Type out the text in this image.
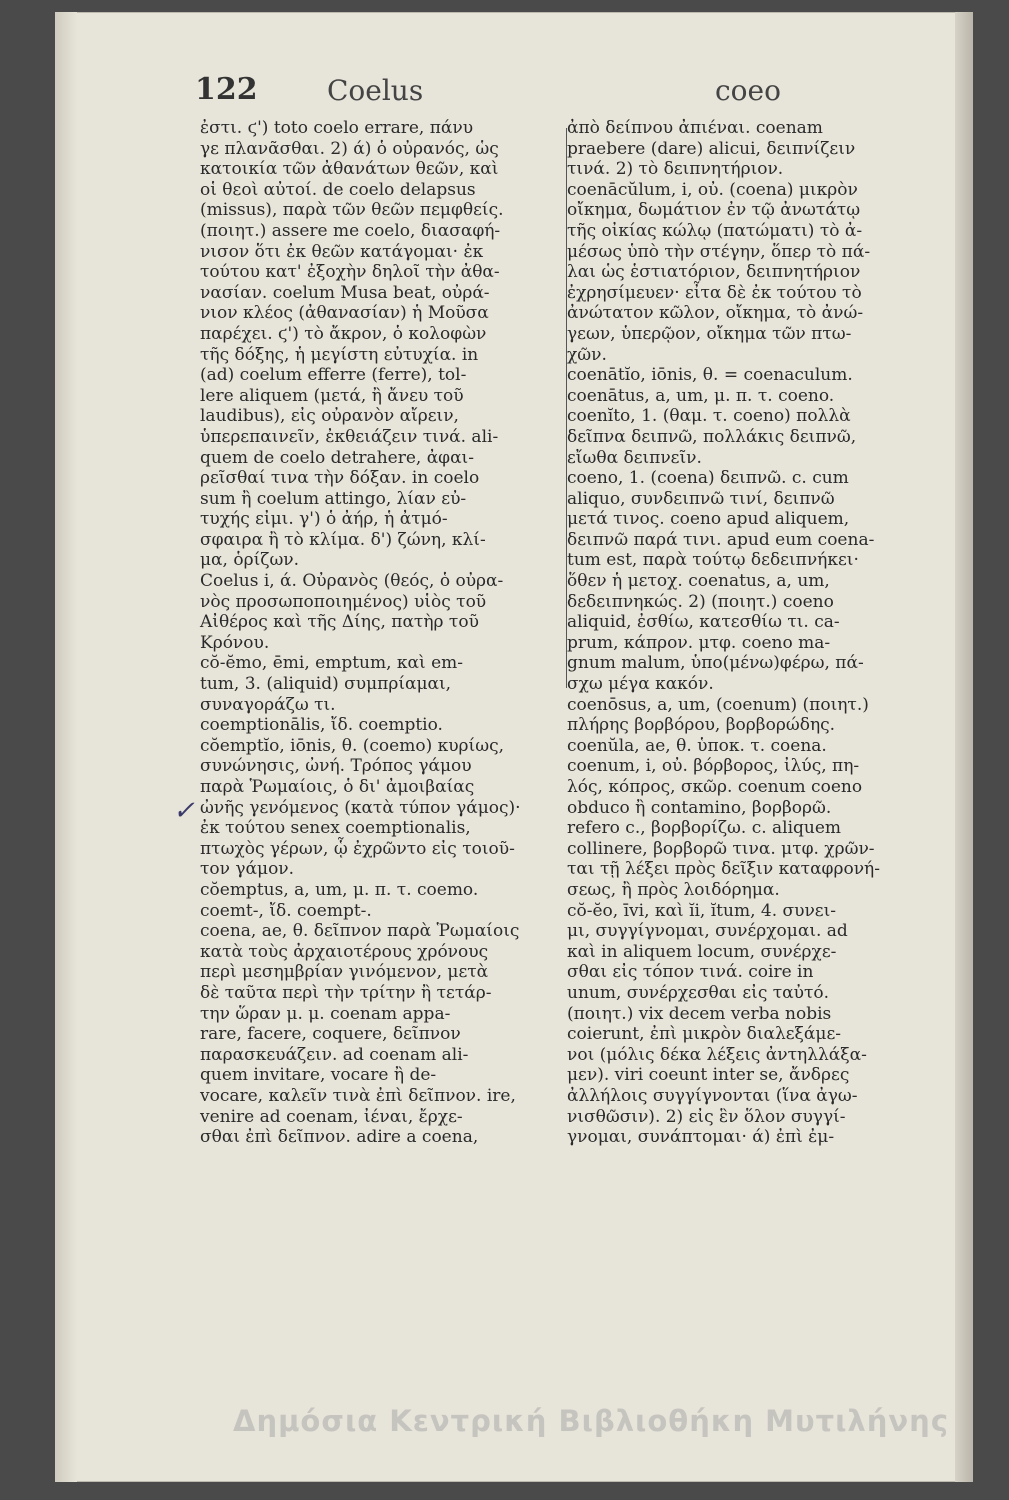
122 Coelus	coeo
ἐστι. ϛ') toto coelo errare, πάνυ
γε πλανᾶσθαι. 2) ά) ὁ οὐρανός, ὡς
κατοικία τῶν ἀθανάτων θεῶν, καὶ
οἱ θεοὶ αὐτοί. de coelo delapsus
(missus), παρὰ τῶν θεῶν πεμφθείς.
(ποιητ.) assere me coelo, διασαφή-
νισον ὅτι ἐκ θεῶν κατάγομαι· ἐκ
τούτου κατ' ἐξοχὴν δηλοῖ τὴν ἀθα-
νασίαν. coelum Musa beat, οὐρά-
νιον κλέος (ἀθανασίαν) ἡ Μοῦσα
παρέχει. ϛ') τὸ ἄκρον, ὁ κολοφὼν
τῆς δόξης, ἡ μεγίστη εὐτυχία. in
(ad) coelum efferre (ferre), tol-
lere aliquem (μετά, ἢ ἄνευ τοῦ
laudibus), εἰς οὐρανὸν αἴρειν,
ὑπερεπαινεῖν, ἐκθειάζειν τινά. ali-
quem de coelo detrahere, ἀφαι-
ρεῖσθαί τινα τὴν δόξαν. in coelo
sum ἢ coelum attingo, λίαν εὐ-
τυχής εἰμι. γ') ὁ ἀήρ, ἡ ἀτμό-
σφαιρα ἢ τὸ κλίμα. δ') ζώνη, κλί-
μα, ὁρίζων.
Coelus i, ά. Οὐρανὸς (θεός, ὁ οὐρα-
νὸς προσωποποιημένος) υἱὸς τοῦ
Αἰθέρος καὶ τῆς Δίης, πατὴρ τοῦ
Κρόνου.
cŏ-ĕmo, ēmi, emptum, καὶ em-
tum, 3. (aliquid) συμπρίαμαι,
συναγοράζω τι.
coemptionālis, ἴδ. coemptio.
cŏemptĭo, iōnis, θ. (coemo) κυρίως,
συνώνησις, ὠνή. Τρόπος γάμου
παρὰ Ῥωμαίοις, ὁ δι' ἀμοιβαίας
ὠνῆς γενόμενος (κατὰ τύπον γάμος)·
ἐκ τούτου senex coemptionalis,
πτωχὸς γέρων, ᾧ ἐχρῶντο εἰς τοιοῦ-
τον γάμον.
cŏemptus, a, um, μ. π. τ. coemo.
coemt-, ἴδ. coempt-.
coena, ae, θ. δεῖπνον παρὰ Ῥωμαίοις
κατὰ τοὺς ἀρχαιοτέρους χρόνους
περὶ μεσημβρίαν γινόμενον, μετὰ
δὲ ταῦτα περὶ τὴν τρίτην ἢ τετάρ-
την ὥραν μ. μ. coenam appa-
rare, facere, coquere, δεῖπνον
παρασκευάζειν. ad coenam ali-
quem invitare, vocare ἢ de-
vocare, καλεῖν τινὰ ἐπὶ δεῖπνον. ire,
venire ad coenam, ἰέναι, ἔρχε-
σθαι ἐπὶ δεῖπνον. adire a coena,
ἀπὸ δείπνου ἀπιέναι. coenam
praebere (dare) alicui, δειπνίζειν
τινά. 2) τὸ δειπνητήριον.
coenācŭlum, i, οὐ. (coena) μικρὸν
οἴκημα, δωμάτιον ἐν τῷ ἀνωτάτῳ
τῆς οἰκίας κώλῳ (πατώματι) τὸ ἀ-
μέσως ὑπὸ τὴν στέγην, ὅπερ τὸ πά-
λαι ὡς ἑστιατόριον, δειπνητήριον
ἐχρησίμευεν· εἶτα δὲ ἐκ τούτου τὸ
ἀνώτατον κῶλον, οἴκημα, τὸ ἀνώ-
γεων, ὑπερῷον, οἴκημα τῶν πτω-
χῶν.
coenātĭo, iōnis, θ. = coenaculum.
coenātus, a, um, μ. π. τ. coeno.
coenĭto, 1. (θαμ. τ. coeno) πολλὰ
δεῖπνα δειπνῶ, πολλάκις δειπνῶ,
εἴωθα δειπνεῖν.
coeno, 1. (coena) δειπνῶ. c. cum
aliquo, συνδειπνῶ τινί, δειπνῶ
μετά τινος. coeno apud aliquem,
δειπνῶ παρά τινι. apud eum coena-
tum est, παρὰ τούτῳ δεδειπνήκει·
ὅθεν ἡ μετοχ. coenatus, a, um,
δεδειπνηκώς. 2) (ποιητ.) coeno
aliquid, ἐσθίω, κατεσθίω τι. ca-
prum, κάπρον. μτφ. coeno ma-
gnum malum, ὑπο(μένω)φέρω, πά-
σχω μέγα κακόν.
coenōsus, a, um, (coenum) (ποιητ.)
πλήρης βορβόρου, βορβορώδης.
coenŭla, ae, θ. ὑποκ. τ. coena.
coenum, i, οὐ. βόρβορος, ἰλύς, πη-
λός, κόπρος, σκῶρ. coenum coeno
obduco ἢ contamino, βορβορῶ.
refero c., βορβορίζω. c. aliquem
collinere, βορβορῶ τινα. μτφ. χρῶν-
ται τῇ λέξει πρὸς δεῖξιν καταφρονή-
σεως, ἢ πρὸς λοιδόρημα.
cŏ-ĕo, īvi, καὶ ĭi, ĭtum, 4. συνει-
μι, συγγίγνομαι, συνέρχομαι. ad
καὶ in aliquem locum, συνέρχε-
σθαι εἰς τόπον τινά. coire in
unum, συνέρχεσθαι εἰς ταὐτό.
(ποιητ.) vix decem verba nobis
coierunt, ἐπὶ μικρὸν διαλεξάμε-
νοι (μόλις δέκα λέξεις ἀντηλλάξα-
μεν). viri coeunt inter se, ἄνδρες
ἀλλήλοις συγγίγνονται (ἵνα ἀγω-
νισθῶσιν). 2) εἰς ἓν ὅλον συγγί-
γνομαι, συνάπτομαι· ά) ἐπὶ ἐμ-
✓
Δημόσια Κεντρική Βιβλιοθήκη Μυτιλήνης
